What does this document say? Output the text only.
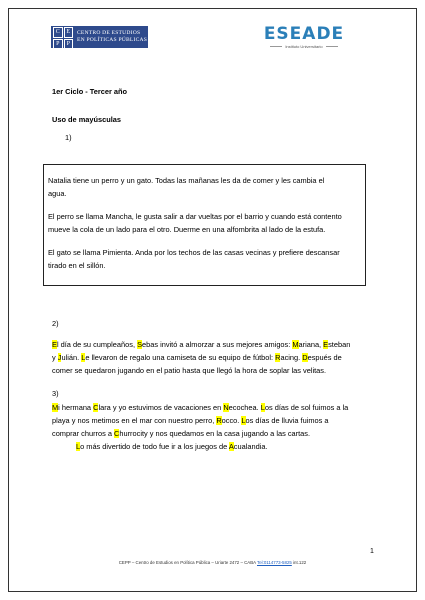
C	E
P	P
CENTRO DE ESTUDIOS
EN POLÍTICAS PÚBLICAS	ESEADE
Instituto Universitario
1er Ciclo - Tercer año
Uso de mayúsculas
1)
Natalia tiene un perro y un gato. Todas las mañanas les da de comer y les cambia el
agua.
El perro se llama Mancha, le gusta salir a dar vueltas por el barrio y cuando está contento
mueve la cola de un lado para el otro. Duerme en una alfombrita al lado de la estufa.
El gato se llama Pimienta. Anda por los techos de las casas vecinas y prefiere descansar
tirado en el sillón.
2)
El día de su cumpleaños, Sebas invitó a almorzar a sus mejores amigos: Mariana, Esteban
y Julián. Le llevaron de regalo una camiseta de su equipo de fútbol: Racing. Después de
comer se quedaron jugando en el patio hasta que llegó la hora de soplar las velitas.
3)
Mi hermana Clara y yo estuvimos de vacaciones en Necochea. Los días de sol fuimos a la
playa y nos metimos en el mar con nuestro perro, Rocco. Los días de lluvia fuimos a
comprar churros a Churrocity y nos quedamos en la casa jugando a las cartas.
Lo más divertido de todo fue ir a los juegos de Acualandia.
1
CEPP – Centro de Estudios en Política Pública – Uriarte 2472 – CABA Tel:0114773-5825 int.122
